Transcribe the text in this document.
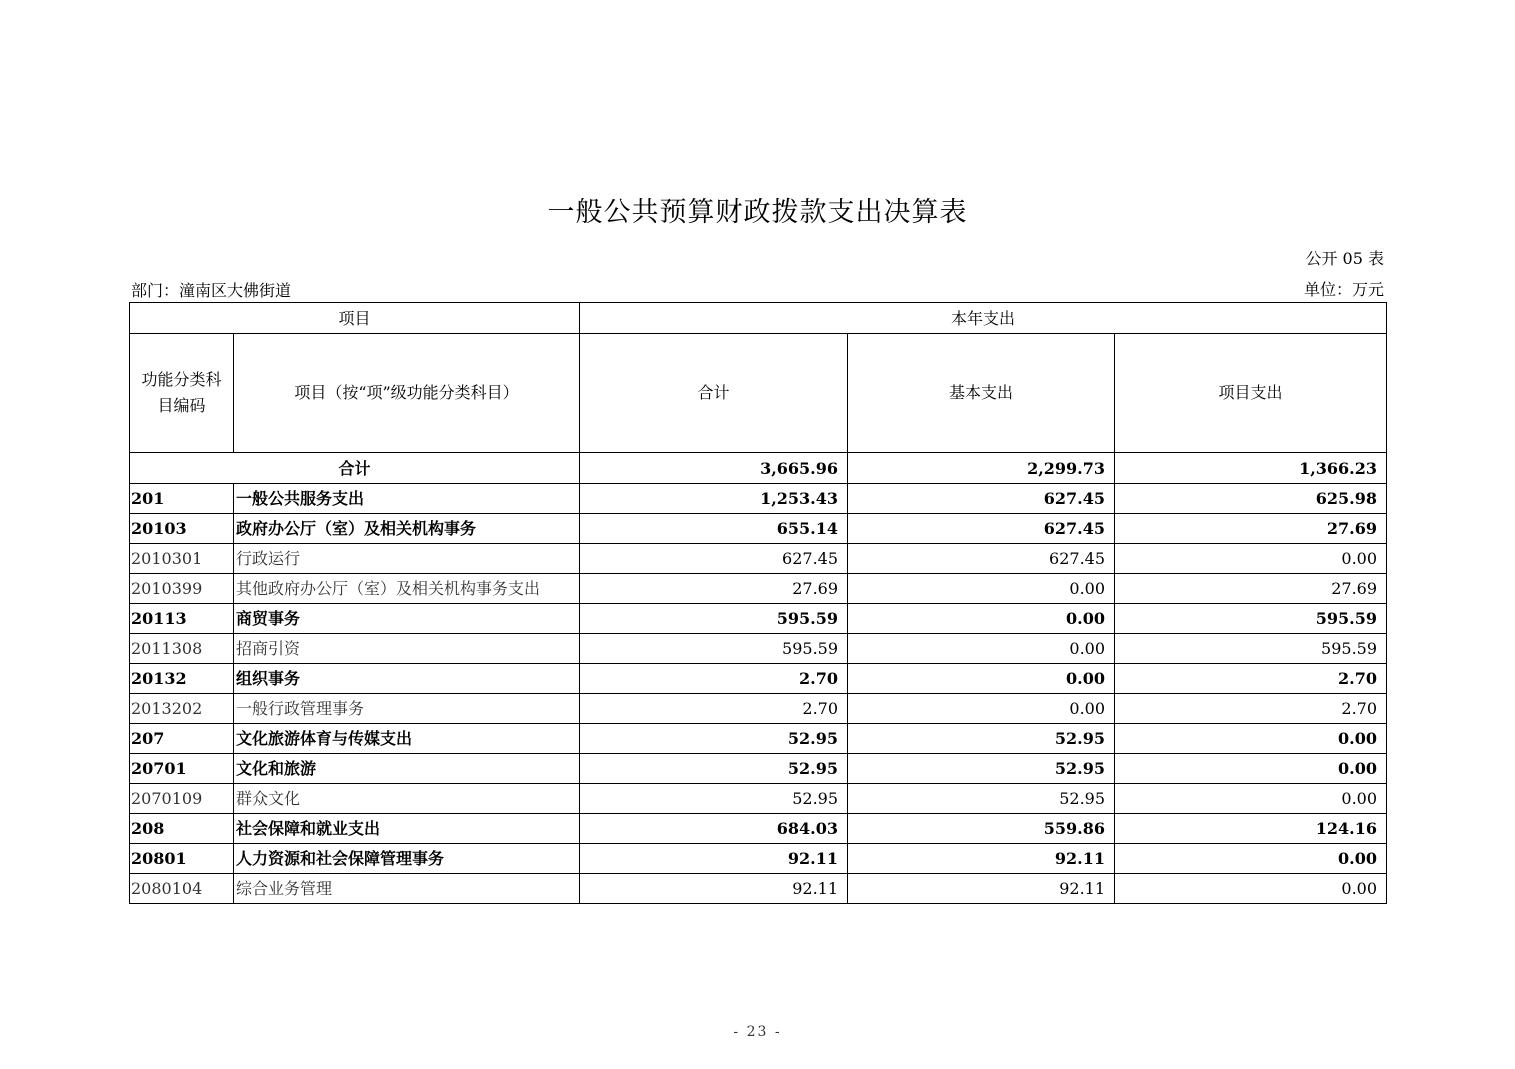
一般公共预算财政拨款支出决算表
公开 05 表
部门：潼南区大佛街道	单位：万元
项目		本年支出		
功能分类科目编码	项目（按“项”级功能分类科目）	合计	基本支出	项目支出
合计		3,665.96	2,299.73	1,366.23
201	一般公共服务支出	1,253.43	627.45	625.98
20103	政府办公厅（室）及相关机构事务	655.14	627.45	27.69
2010301	行政运行	627.45	627.45	0.00
2010399	其他政府办公厅（室）及相关机构事务支出	27.69	0.00	27.69
20113	商贸事务	595.59	0.00	595.59
2011308	招商引资	595.59	0.00	595.59
20132	组织事务	2.70	0.00	2.70
2013202	一般行政管理事务	2.70	0.00	2.70
207	文化旅游体育与传媒支出	52.95	52.95	0.00
20701	文化和旅游	52.95	52.95	0.00
2070109	群众文化	52.95	52.95	0.00
208	社会保障和就业支出	684.03	559.86	124.16
20801	人力资源和社会保障管理事务	92.11	92.11	0.00
2080104	综合业务管理	92.11	92.11	0.00
- 23 -
